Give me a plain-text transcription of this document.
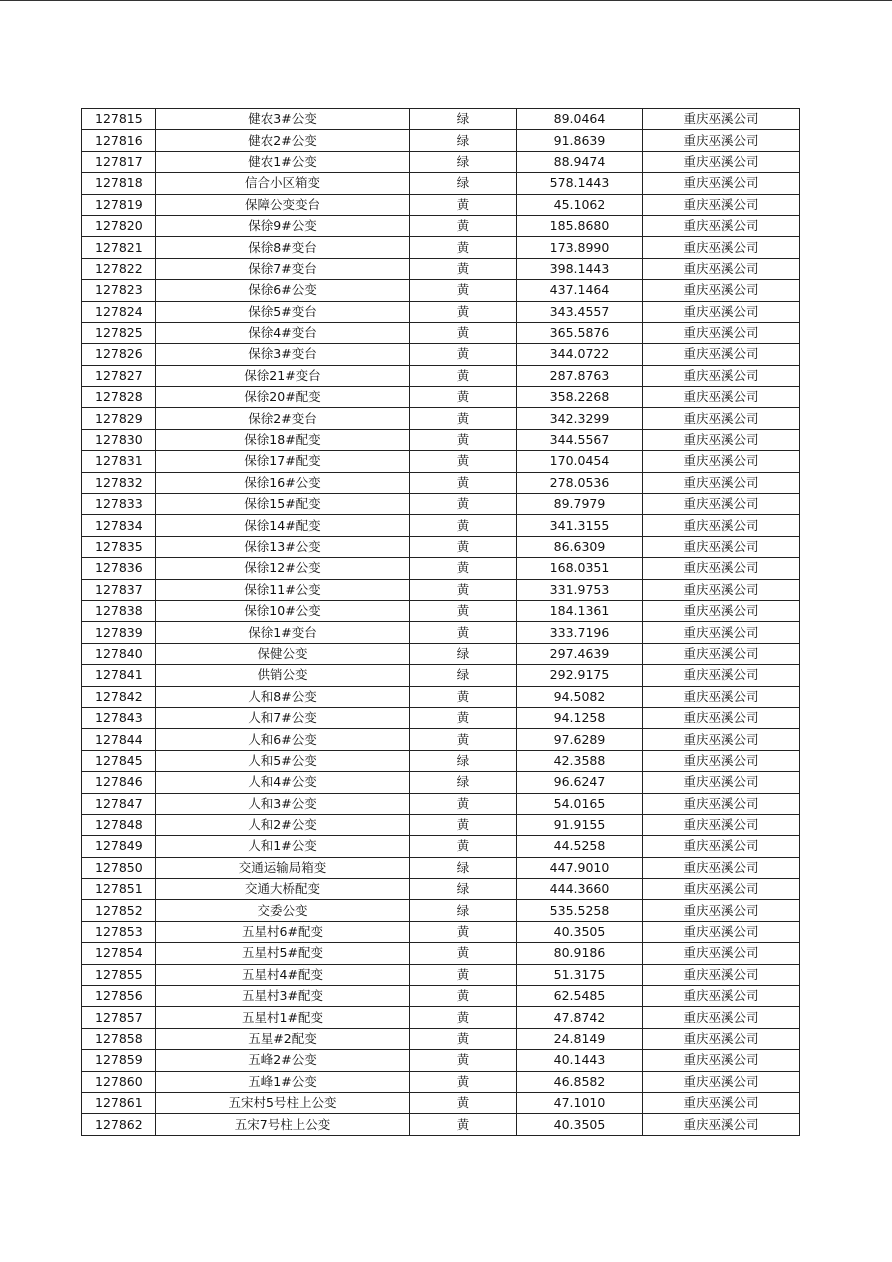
127815	健农3#公变	绿	89.0464	重庆巫溪公司
127816	健农2#公变	绿	91.8639	重庆巫溪公司
127817	健农1#公变	绿	88.9474	重庆巫溪公司
127818	信合小区箱变	绿	578.1443	重庆巫溪公司
127819	保障公变变台	黄	45.1062	重庆巫溪公司
127820	保徐9#公变	黄	185.8680	重庆巫溪公司
127821	保徐8#变台	黄	173.8990	重庆巫溪公司
127822	保徐7#变台	黄	398.1443	重庆巫溪公司
127823	保徐6#公变	黄	437.1464	重庆巫溪公司
127824	保徐5#变台	黄	343.4557	重庆巫溪公司
127825	保徐4#变台	黄	365.5876	重庆巫溪公司
127826	保徐3#变台	黄	344.0722	重庆巫溪公司
127827	保徐21#变台	黄	287.8763	重庆巫溪公司
127828	保徐20#配变	黄	358.2268	重庆巫溪公司
127829	保徐2#变台	黄	342.3299	重庆巫溪公司
127830	保徐18#配变	黄	344.5567	重庆巫溪公司
127831	保徐17#配变	黄	170.0454	重庆巫溪公司
127832	保徐16#公变	黄	278.0536	重庆巫溪公司
127833	保徐15#配变	黄	89.7979	重庆巫溪公司
127834	保徐14#配变	黄	341.3155	重庆巫溪公司
127835	保徐13#公变	黄	86.6309	重庆巫溪公司
127836	保徐12#公变	黄	168.0351	重庆巫溪公司
127837	保徐11#公变	黄	331.9753	重庆巫溪公司
127838	保徐10#公变	黄	184.1361	重庆巫溪公司
127839	保徐1#变台	黄	333.7196	重庆巫溪公司
127840	保健公变	绿	297.4639	重庆巫溪公司
127841	供销公变	绿	292.9175	重庆巫溪公司
127842	人和8#公变	黄	94.5082	重庆巫溪公司
127843	人和7#公变	黄	94.1258	重庆巫溪公司
127844	人和6#公变	黄	97.6289	重庆巫溪公司
127845	人和5#公变	绿	42.3588	重庆巫溪公司
127846	人和4#公变	绿	96.6247	重庆巫溪公司
127847	人和3#公变	黄	54.0165	重庆巫溪公司
127848	人和2#公变	黄	91.9155	重庆巫溪公司
127849	人和1#公变	黄	44.5258	重庆巫溪公司
127850	交通运输局箱变	绿	447.9010	重庆巫溪公司
127851	交通大桥配变	绿	444.3660	重庆巫溪公司
127852	交委公变	绿	535.5258	重庆巫溪公司
127853	五星村6#配变	黄	40.3505	重庆巫溪公司
127854	五星村5#配变	黄	80.9186	重庆巫溪公司
127855	五星村4#配变	黄	51.3175	重庆巫溪公司
127856	五星村3#配变	黄	62.5485	重庆巫溪公司
127857	五星村1#配变	黄	47.8742	重庆巫溪公司
127858	五星#2配变	黄	24.8149	重庆巫溪公司
127859	五峰2#公变	黄	40.1443	重庆巫溪公司
127860	五峰1#公变	黄	46.8582	重庆巫溪公司
127861	五宋村5号柱上公变	黄	47.1010	重庆巫溪公司
127862	五宋7号柱上公变	黄	40.3505	重庆巫溪公司
